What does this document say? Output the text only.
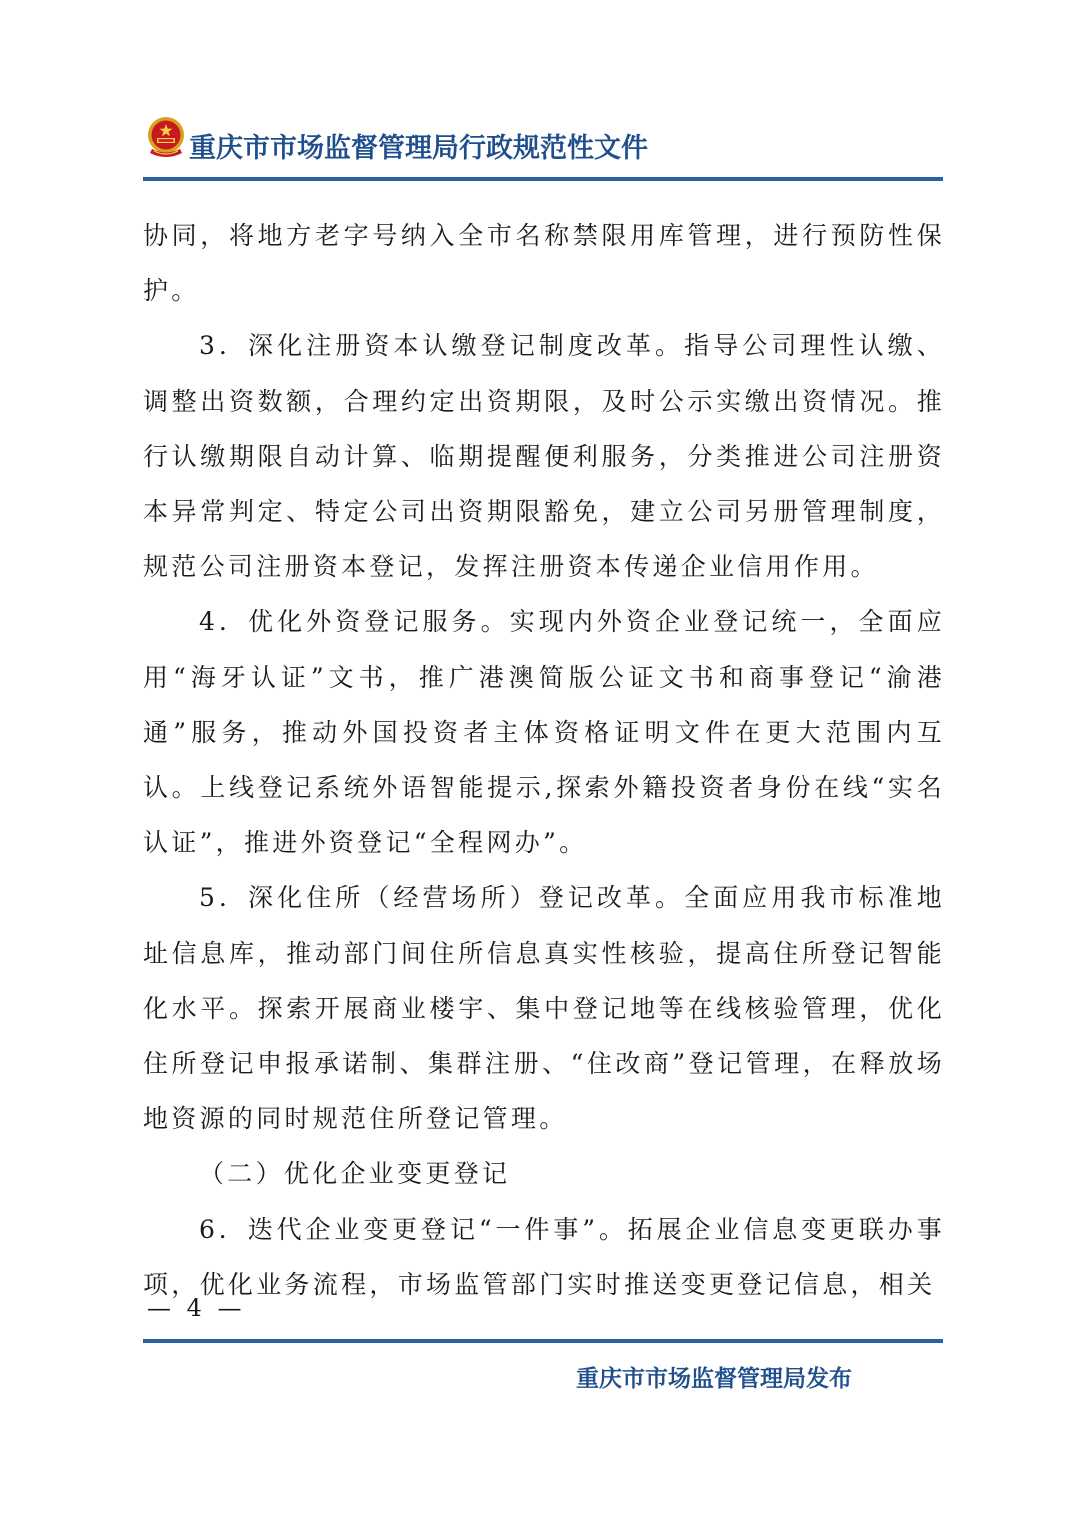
重庆市市场监督管理局行政规范性文件

协同，将地方老字号纳入全市名称禁限用库管理，进行预防性保护。

3．深化注册资本认缴登记制度改革。指导公司理性认缴、调整出资数额，合理约定出资期限，及时公示实缴出资情况。推行认缴期限自动计算、临期提醒便利服务，分类推进公司注册资本异常判定、特定公司出资期限豁免，建立公司另册管理制度，规范公司注册资本登记，发挥注册资本传递企业信用作用。

4．优化外资登记服务。实现内外资企业登记统一，全面应用“海牙认证”文书，推广港澳简版公证文书和商事登记“渝港通”服务，推动外国投资者主体资格证明文件在更大范围内互认。上线登记系统外语智能提示,探索外籍投资者身份在线“实名认证”，推进外资登记“全程网办”。

5．深化住所（经营场所）登记改革。全面应用我市标准地址信息库，推动部门间住所信息真实性核验，提高住所登记智能化水平。探索开展商业楼宇、集中登记地等在线核验管理，优化住所登记申报承诺制、集群注册、“住改商”登记管理，在释放场地资源的同时规范住所登记管理。

（二）优化企业变更登记

6．迭代企业变更登记“一件事”。拓展企业信息变更联办事项，优化业务流程，市场监管部门实时推送变更登记信息，相关

— 4 —
重庆市市场监督管理局发布
